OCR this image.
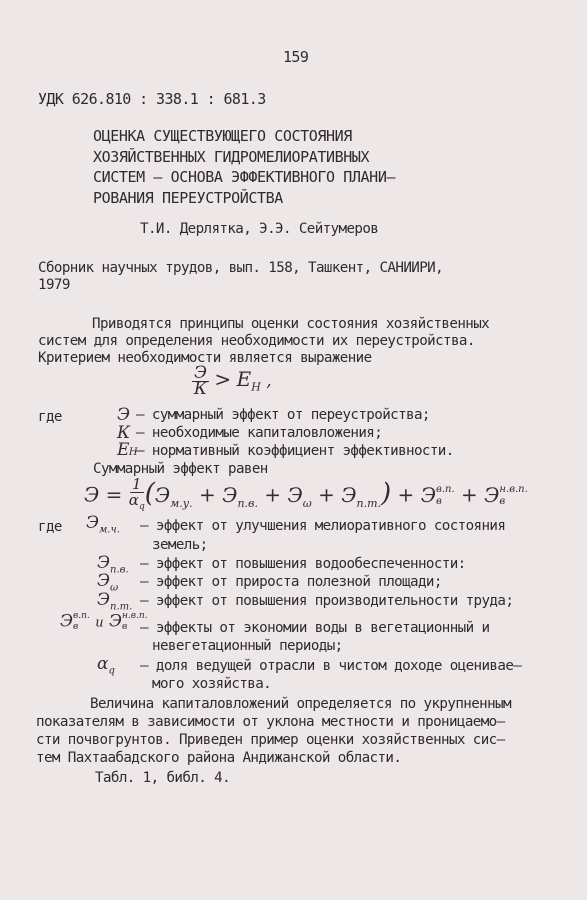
159
УДК 626.810 : 338.1 : 681.3
ОЦЕНКА СУЩЕСТВУЮЩЕГО СОСТОЯНИЯ
ХОЗЯЙСТВЕННЫХ ГИДРОМЕЛИОРАТИВНЫХ
СИСТЕМ – ОСНОВА ЭФФЕКТИВНОГО ПЛАНИ–
РОВАНИЯ ПЕРЕУСТРОЙСТВА
Т.И. Дерлятка, Э.Э. Сейтумеров
Сборник научных трудов, вып. 158, Ташкент, САНИИРИ,
1979
Приводятся принципы оценки состояния хозяйственных
систем для определения необходимости их переустройства.
Критерием необходимости является выражение
$\frac{Э}{К} > E_Н$ ,
где	Э – суммарный эффект от переустройства;
К – необходимые капиталовложения;
EН – нормативный коэффициент эффективности.
Суммарный эффект равен
$Э = \frac{1}{\alpha_q} (Э_{м.у.} + Э_{п.в.} + Э_\omega + Э_{п.т.}) + Э$ в.п.
в + Э н.в.п.
в
где $Э_{м.ч.}$ – эффект от улучшения мелиоративного состояния
земель;
$Э_{п.в.}$ – эффект от повышения водообеспеченности:
$Э_\omega$ – эффект от прироста полезной площади;
$Э_{п.т.}$ – эффект от повышения производительности труда;
Э в.п.
в	и Э н.в.п.
в – эффекты от экономии воды в вегетационный и
невегетационный периоды;
$\alpha_q$ – доля ведущей отрасли в чистом доходе оценивае–
мого хозяйства.
Величина капиталовложений определяется по укрупненным
показателям в зависимости от уклона местности и проницаемо–
сти почвогрунтов. Приведен пример оценки хозяйственных сис–
тем Пахтаабадского района Андижанской области.
Табл. 1, библ. 4.
